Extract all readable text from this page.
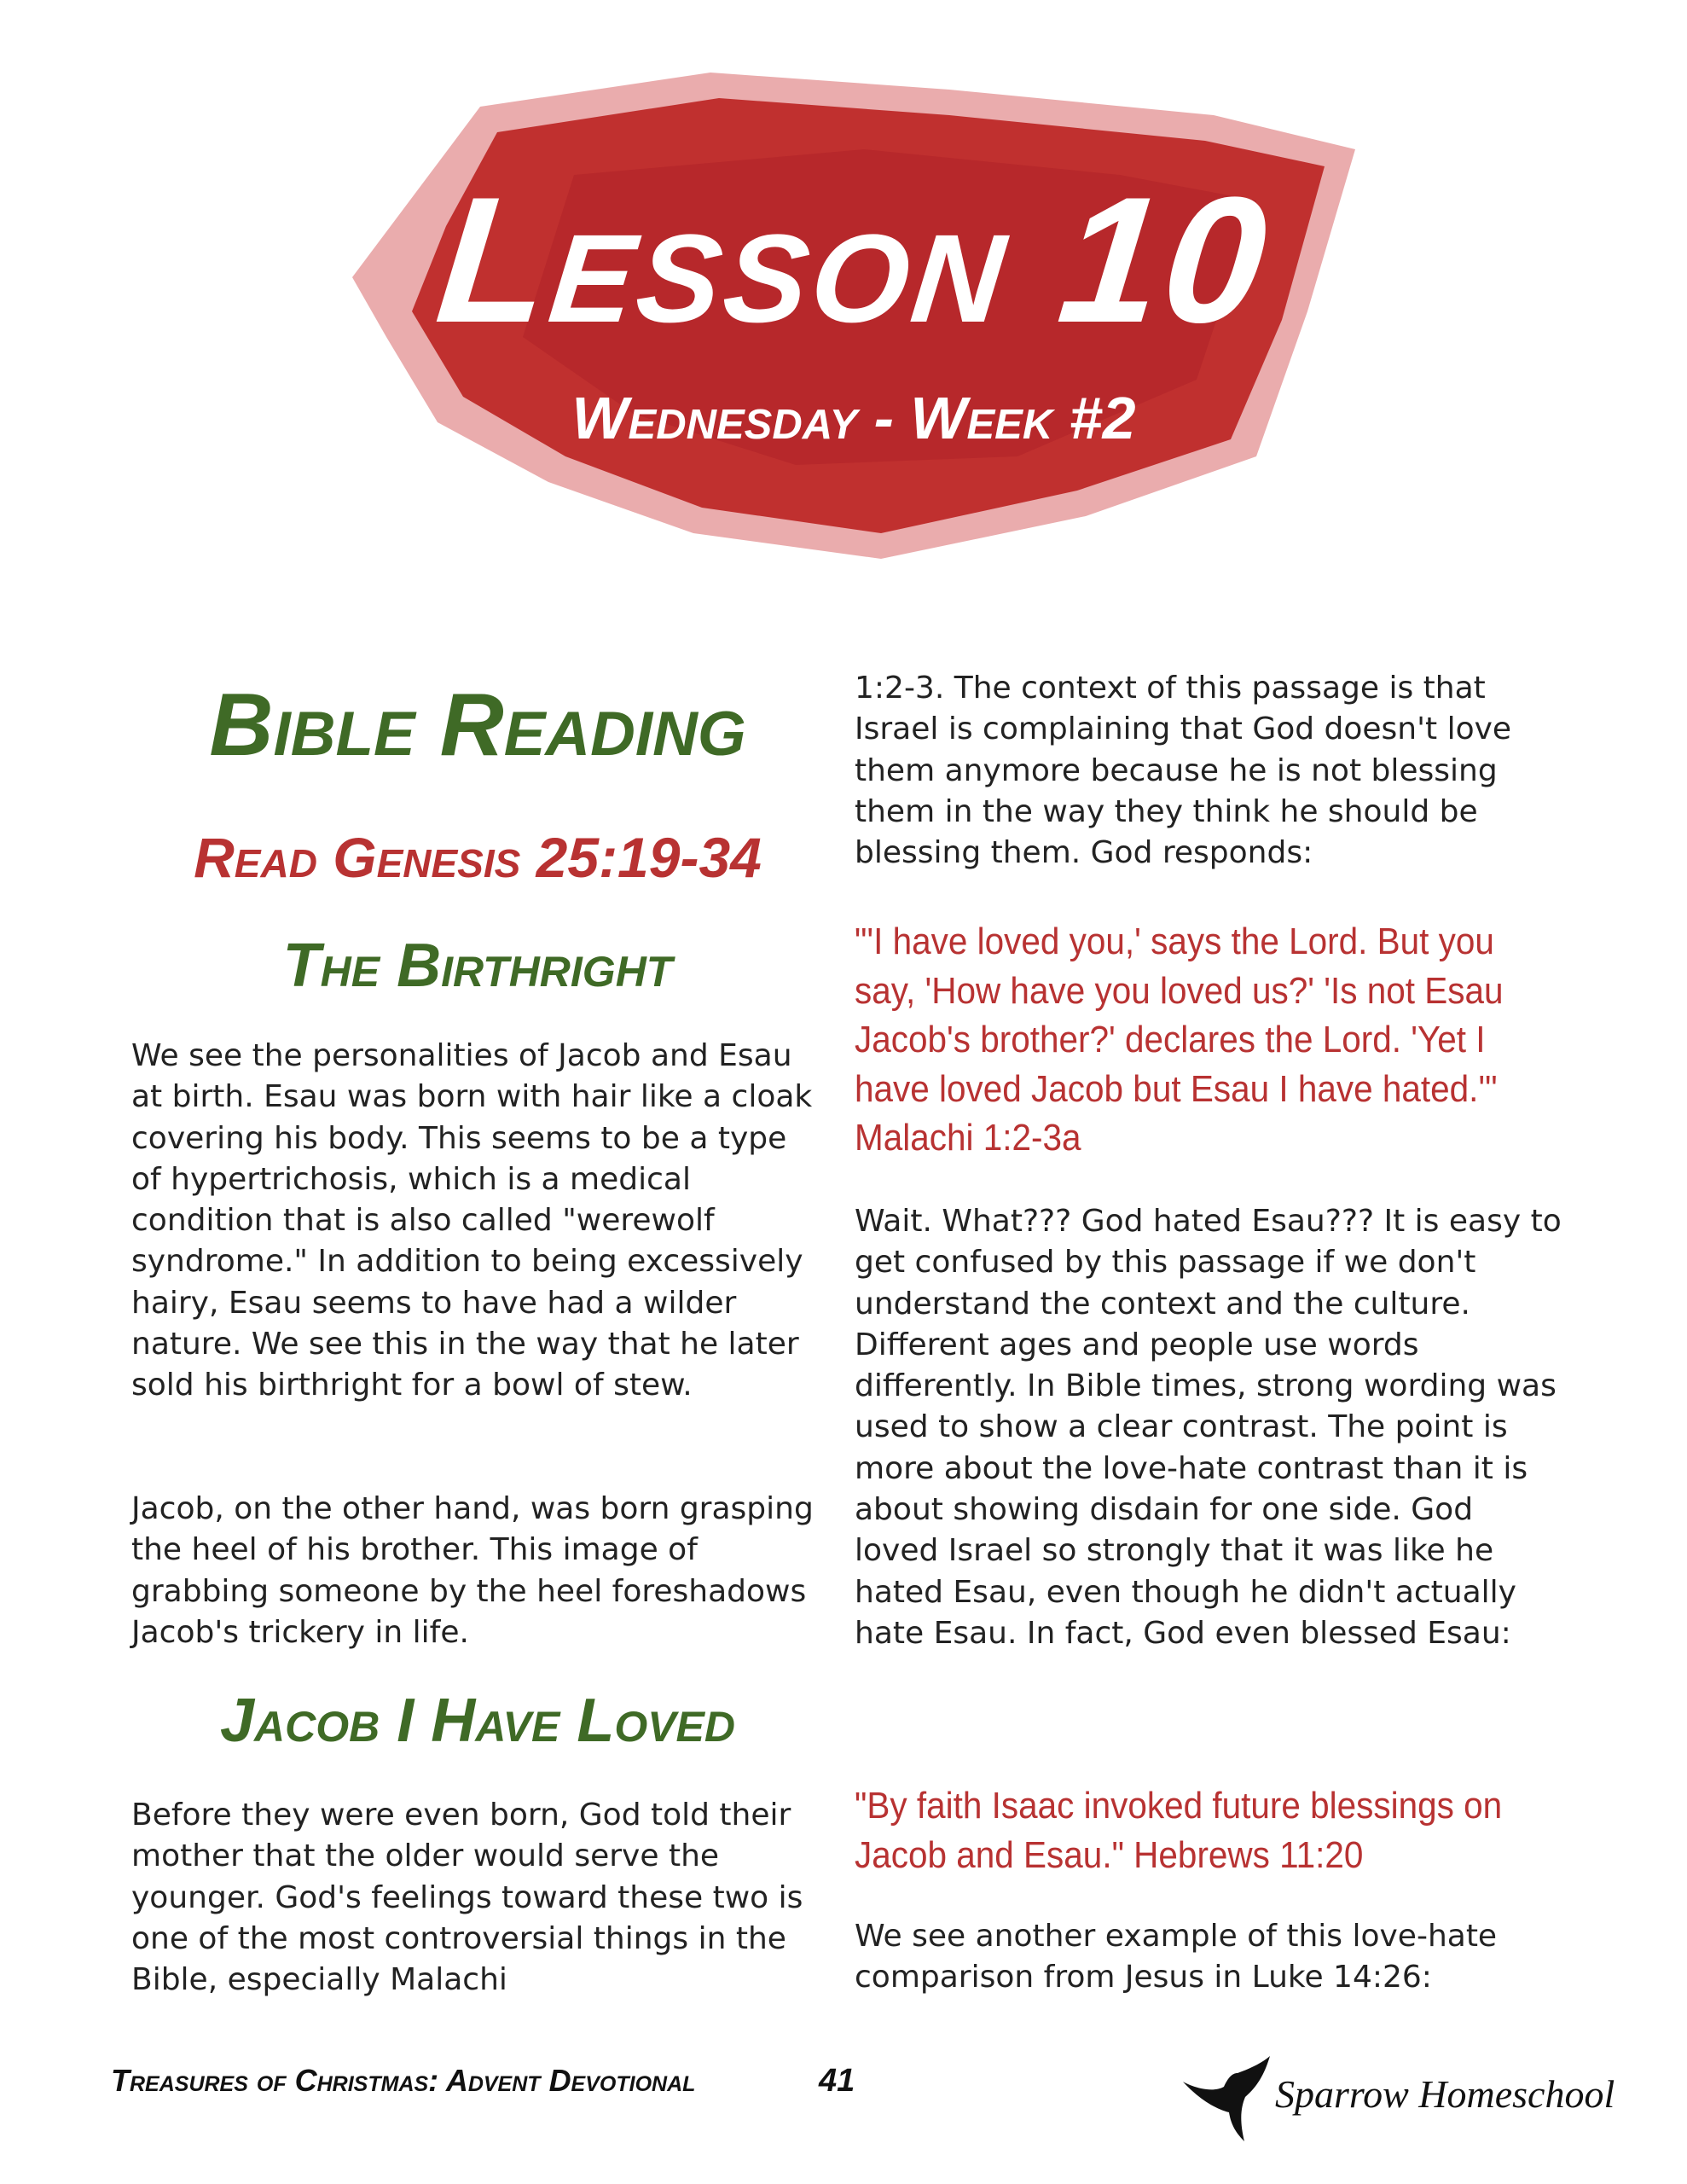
Lesson 10
Wednesday - Week #2
Bible Reading
Read Genesis 25:19-34
The Birthright
We see the personalities of Jacob and Esau at birth. Esau was born with hair like a cloak covering his body. This seems to be a type of hypertrichosis, which is a medical condition that is also called "werewolf syndrome." In addition to being excessively hairy, Esau seems to have had a wilder nature. We see this in the way that he later sold his birthright for a bowl of stew.
Jacob, on the other hand, was born grasping the heel of his brother. This image of grabbing someone by the heel foreshadows Jacob's trickery in life.
Jacob I Have Loved
Before they were even born, God told their mother that the older would serve the younger. God's feelings toward these two is one of the most controversial things in the Bible, especially Malachi
1:2-3. The context of this passage is that Israel is complaining that God doesn't love them anymore because he is not blessing them in the way they think he should be blessing them. God responds:
"'I have loved you,' says the Lord. But you say, 'How have you loved us?' 'Is not Esau Jacob's brother?' declares the Lord. 'Yet I have loved Jacob but Esau I have hated.'" Malachi 1:2-3a
Wait. What??? God hated Esau??? It is easy to get confused by this passage if we don't understand the context and the culture. Different ages and people use words differently. In Bible times, strong wording was used to show a clear contrast. The point is more about the love-hate contrast than it is about showing disdain for one side. God loved Israel so strongly that it was like he hated Esau, even though he didn't actually hate Esau. In fact, God even blessed Esau:
"By faith Isaac invoked future blessings on Jacob and Esau." Hebrews 11:20
We see another example of this love-hate comparison from Jesus in Luke 14:26:
Treasures of Christmas: Advent Devotional	41	Sparrow Homeschool
